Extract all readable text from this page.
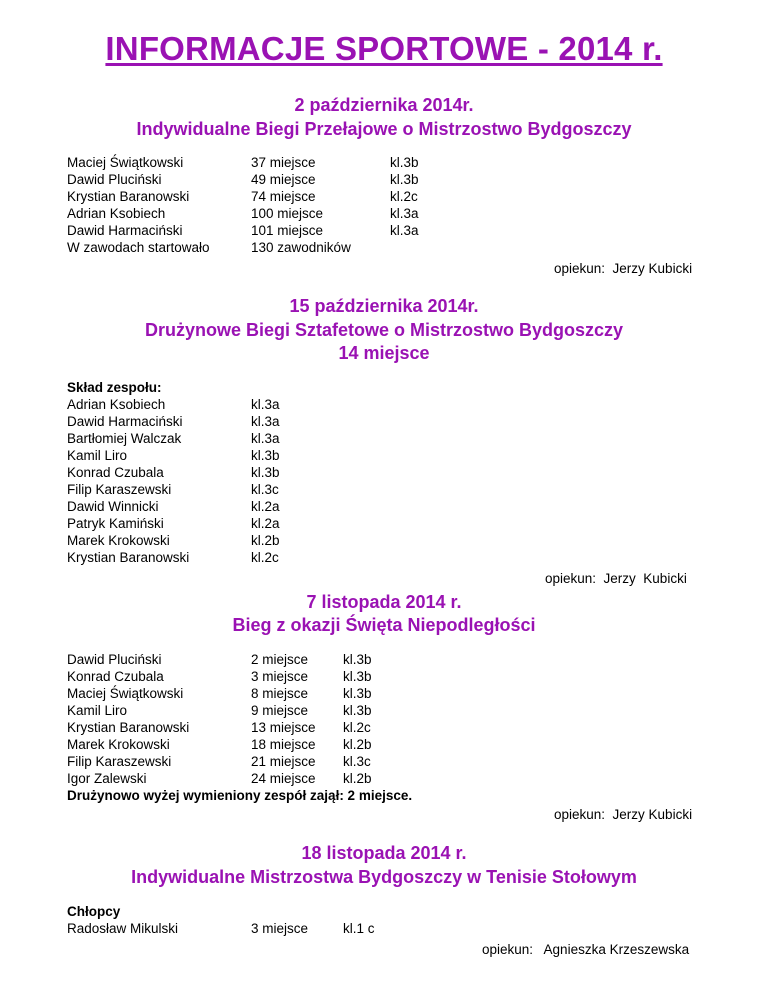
INFORMACJE SPORTOWE - 2014 r.
2 października 2014r.
Indywidualne Biegi Przełajowe o Mistrzostwo Bydgoszczy
Maciej Świątkowski	37 miejsce	kl.3b
Dawid Pluciński	49 miejsce	kl.3b
Krystian Baranowski	74 miejsce	kl.2c
Adrian Ksobiech	100 miejsce	kl.3a
Dawid Harmaciński	101 miejsce	kl.3a
W zawodach startowało	130 zawodników
opiekun:  Jerzy Kubicki
15 października 2014r.
Drużynowe Biegi Sztafetowe o Mistrzostwo Bydgoszczy
14 miejsce
Skład zespołu:
Adrian Ksobiech	kl.3a
Dawid Harmaciński	kl.3a
Bartłomiej Walczak	kl.3a
Kamil Liro	kl.3b
Konrad Czubala	kl.3b
Filip Karaszewski	kl.3c
Dawid Winnicki	kl.2a
Patryk Kamiński	kl.2a
Marek Krokowski	kl.2b
Krystian Baranowski	kl.2c
opiekun:  Jerzy  Kubicki
7 listopada 2014 r.
Bieg z okazji Święta Niepodległości
Dawid Pluciński	2 miejsce	kl.3b
Konrad Czubala	3 miejsce	kl.3b
Maciej Świątkowski	8 miejsce	kl.3b
Kamil Liro	9 miejsce	kl.3b
Krystian Baranowski	13 miejsce	kl.2c
Marek Krokowski	18 miejsce	kl.2b
Filip Karaszewski	21 miejsce	kl.3c
Igor Zalewski	24 miejsce	kl.2b
Drużynowo wyżej wymieniony zespół zajął: 2 miejsce.
opiekun:  Jerzy Kubicki
18 listopada 2014 r.
Indywidualne Mistrzostwa Bydgoszczy w Tenisie Stołowym
Chłopcy
Radosław Mikulski	3 miejsce	kl.1 c
opiekun:   Agnieszka Krzeszewska
